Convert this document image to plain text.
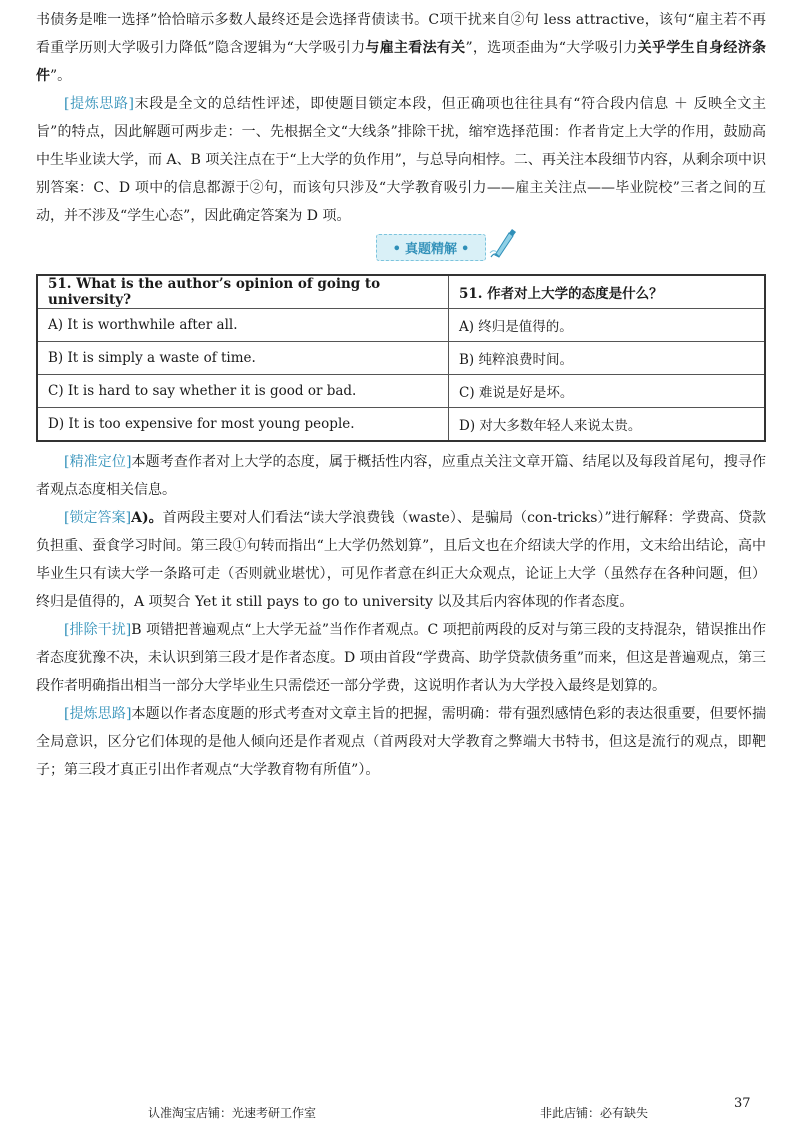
书债务是唯一选择”恰恰暗示多数人最终还是会选择背债读书。C项干扰来自②句 less attractive，该句“雇主若不再看重学历则大学吸引力降低”隐含逻辑为“大学吸引力与雇主看法有关”，选项歪曲为“大学吸引力关乎学生自身经济条件”。

[提炼思路]末段是全文的总结性评述，即使题目锁定本段，但正确项也往往具有“符合段内信息 ＋ 反映全文主旨”的特点，因此解题可两步走：一、先根据全文“大线条”排除干扰，缩窄选择范围：作者肯定上大学的作用，鼓励高中生毕业读大学，而 A、B 项关注点在于“上大学的负作用”，与总导向相悖。二、再关注本段细节内容，从剩余项中识别答案：C、D 项中的信息都源于②句，而该句只涉及“大学教育吸引力——雇主关注点——毕业院校”三者之间的互动，并不涉及“学生心态”，因此确定答案为 D 项。

• 真题精解 •
51. What is the author’s opinion of going to university?	51. 作者对上大学的态度是什么？
A) It is worthwhile after all.	A) 终归是值得的。
B) It is simply a waste of time.	B) 纯粹浪费时间。
C) It is hard to say whether it is good or bad.	C) 难说是好是坏。
D) It is too expensive for most young people.	D) 对大多数年轻人来说太贵。

[精准定位]本题考查作者对上大学的态度，属于概括性内容，应重点关注文章开篇、结尾以及每段首尾句，搜寻作者观点态度相关信息。

[锁定答案]A)。首两段主要对人们看法“读大学浪费钱（waste）、是骗局（con-tricks）”进行解释：学费高、贷款负担重、蚕食学习时间。第三段①句转而指出“上大学仍然划算”，且后文也在介绍读大学的作用，文末给出结论，高中毕业生只有读大学一条路可走（否则就业堪忧），可见作者意在纠正大众观点，论证上大学（虽然存在各种问题，但）终归是值得的，A 项契合 Yet it still pays to go to university 以及其后内容体现的作者态度。

[排除干扰]B 项错把普遍观点“上大学无益”当作作者观点。C 项把前两段的反对与第三段的支持混杂，错误推出作者态度犹豫不决，未认识到第三段才是作者态度。D 项由首段“学费高、助学贷款债务重”而来，但这是普遍观点，第三段作者明确指出相当一部分大学毕业生只需偿还一部分学费，这说明作者认为大学投入最终是划算的。

[提炼思路]本题以作者态度题的形式考查对文章主旨的把握，需明确：带有强烈感情色彩的表达很重要，但要怀揣全局意识，区分它们体现的是他人倾向还是作者观点（首两段对大学教育之弊端大书特书，但这是流行的观点，即靶子；第三段才真正引出作者观点“大学教育物有所值”）。

认准淘宝店铺：光速考研工作室	非此店铺：必有缺失
37
